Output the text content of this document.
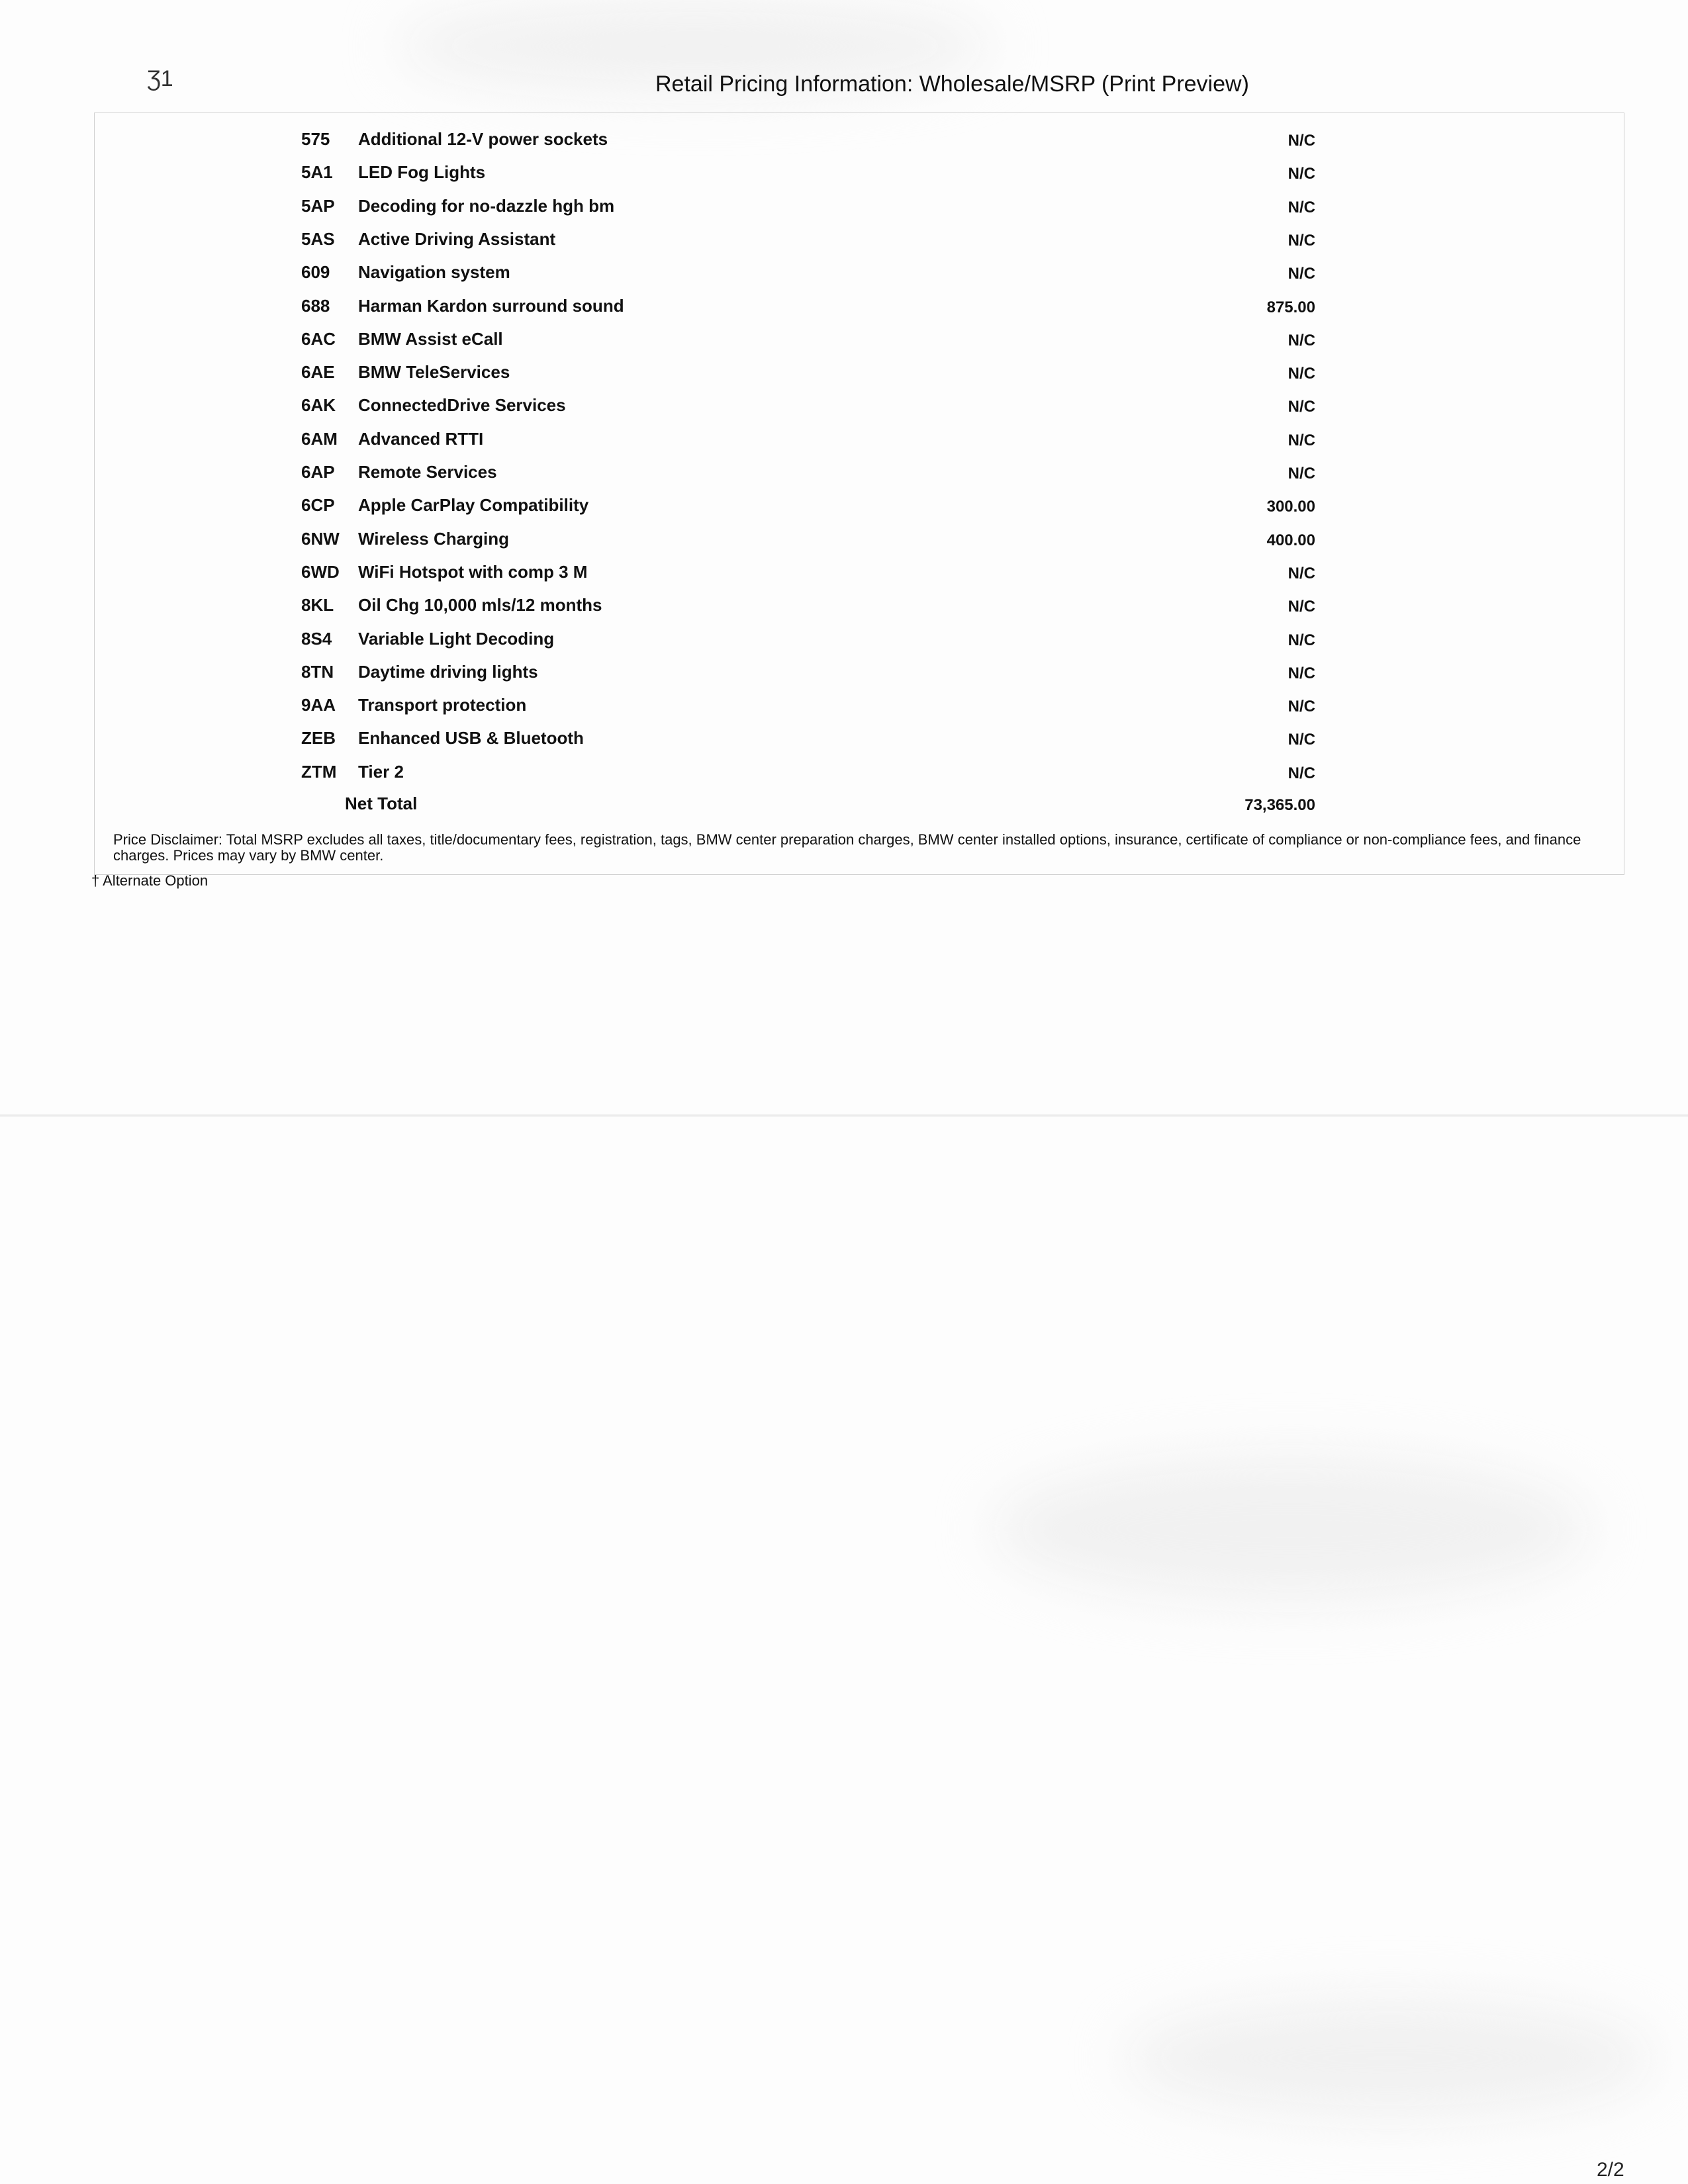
Ʒ1	Retail Pricing Information: Wholesale/MSRP (Print Preview)
575 Additional 12-V power sockets	N/C
5A1 LED Fog Lights	N/C
5AP Decoding for no-dazzle hgh bm	N/C
5AS Active Driving Assistant	N/C
609 Navigation system	N/C
688 Harman Kardon surround sound	875.00
6AC BMW Assist eCall	N/C
6AE BMW TeleServices	N/C
6AK ConnectedDrive Services	N/C
6AM Advanced RTTI	N/C
6AP Remote Services	N/C
6CP Apple CarPlay Compatibility	300.00
6NW Wireless Charging	400.00
6WD WiFi Hotspot with comp 3 M	N/C
8KL Oil Chg 10,000 mls/12 months	N/C
8S4 Variable Light Decoding	N/C
8TN Daytime driving lights	N/C
9AA Transport protection	N/C
ZEB Enhanced USB & Bluetooth	N/C
ZTM Tier 2	N/C
Net Total	73,365.00
Price Disclaimer: Total MSRP excludes all taxes, title/documentary fees, registration, tags, BMW center preparation charges, BMW center installed options, insurance, certificate of compliance or non-compliance fees, and finance charges. Prices may vary by BMW center.
† Alternate Option
2/2
